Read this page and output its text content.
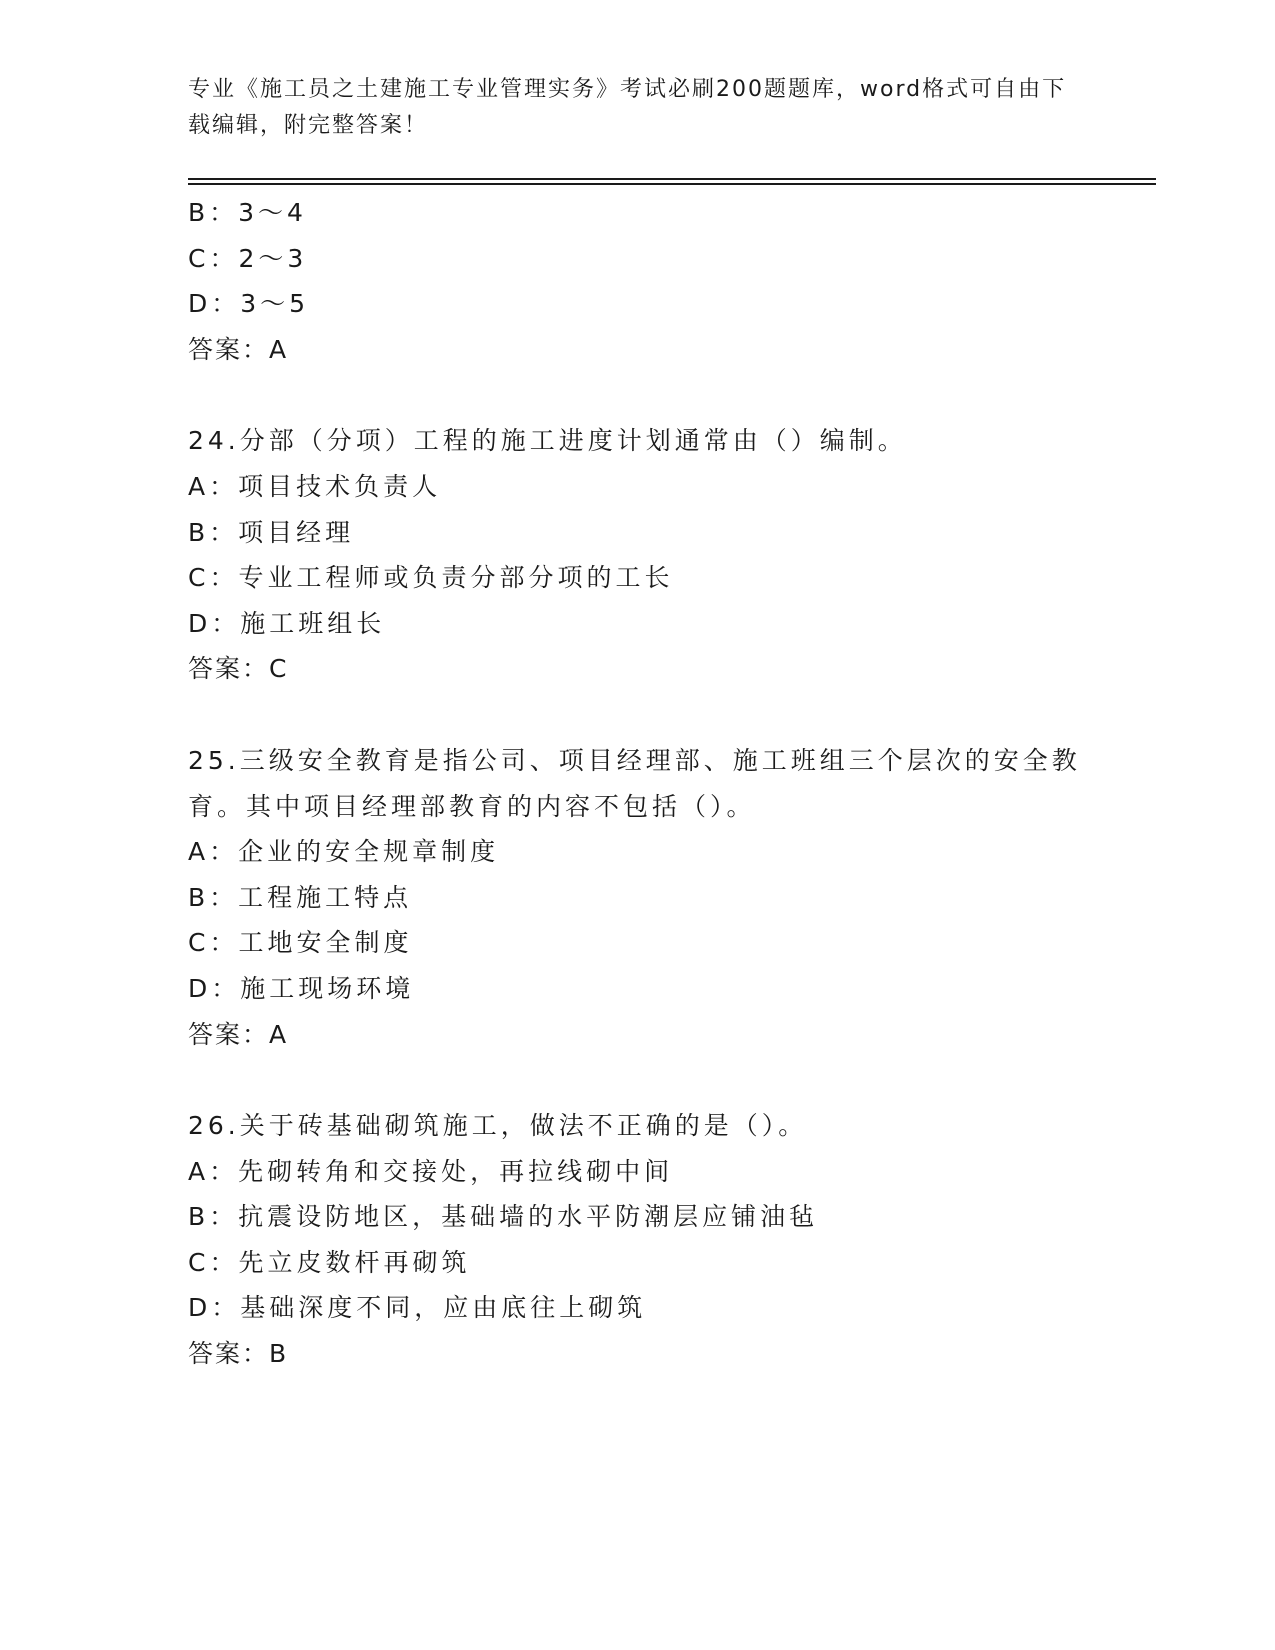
专业《施工员之土建施工专业管理实务》考试必刷200题题库，word格式可自由下载编辑，附完整答案！
B：3～4
C：2～3
D：3～5
答案：A
24.分部（分项）工程的施工进度计划通常由（）编制。
A：项目技术负责人
B：项目经理
C：专业工程师或负责分部分项的工长
D：施工班组长
答案：C
25.三级安全教育是指公司、项目经理部、施工班组三个层次的安全教育。其中项目经理部教育的内容不包括（）。
A：企业的安全规章制度
B：工程施工特点
C：工地安全制度
D：施工现场环境
答案：A
26.关于砖基础砌筑施工，做法不正确的是（）。
A：先砌转角和交接处，再拉线砌中间
B：抗震设防地区，基础墙的水平防潮层应铺油毡
C：先立皮数杆再砌筑
D：基础深度不同，应由底往上砌筑
答案：B
